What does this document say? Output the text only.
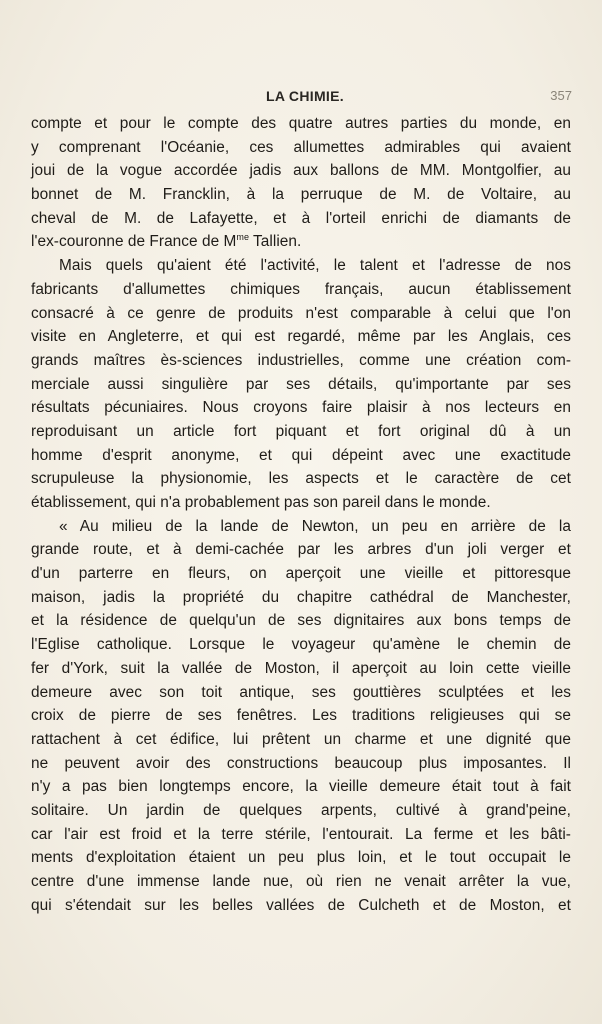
LA CHIMIE.	357
compte et pour le compte des quatre autres parties du monde, en
y comprenant l'Océanie, ces allumettes admirables qui avaient
joui de la vogue accordée jadis aux ballons de MM. Montgolfier, au
bonnet de M. Francklin, à la perruque de M. de Voltaire, au
cheval de M. de Lafayette, et à l'orteil enrichi de diamants de
l'ex-couronne de France de $M^{me}$ Tallien.
Mais quels qu'aient été l'activité, le talent et l'adresse de nos
fabricants d'allumettes chimiques français, aucun établissement
consacré à ce genre de produits n'est comparable à celui que l'on
visite en Angleterre, et qui est regardé, même par les Anglais, ces
grands maîtres ès-sciences industrielles, comme une création com-
merciale aussi singulière par ses détails, qu'importante par ses
résultats pécuniaires. Nous croyons faire plaisir à nos lecteurs en
reproduisant un article fort piquant et fort original dû à un
homme d'esprit anonyme, et qui dépeint avec une exactitude
scrupuleuse la physionomie, les aspects et le caractère de cet
établissement, qui n'a probablement pas son pareil dans le monde.
« Au milieu de la lande de Newton, un peu en arrière de la
grande route, et à demi-cachée par les arbres d'un joli verger et
d'un parterre en fleurs, on aperçoit une vieille et pittoresque
maison, jadis la propriété du chapitre cathédral de Manchester,
et la résidence de quelqu'un de ses dignitaires aux bons temps de
l'Eglise catholique. Lorsque le voyageur qu'amène le chemin de
fer d'York, suit la vallée de Moston, il aperçoit au loin cette vieille
demeure avec son toit antique, ses gouttières sculptées et les
croix de pierre de ses fenêtres. Les traditions religieuses qui se
rattachent à cet édifice, lui prêtent un charme et une dignité que
ne peuvent avoir des constructions beaucoup plus imposantes. Il
n'y a pas bien longtemps encore, la vieille demeure était tout à fait
solitaire. Un jardin de quelques arpents, cultivé à grand'peine,
car l'air est froid et la terre stérile, l'entourait. La ferme et les bâti-
ments d'exploitation étaient un peu plus loin, et le tout occupait le
centre d'une immense lande nue, où rien ne venait arrêter la vue,
qui s'étendait sur les belles vallées de Culcheth et de Moston, et
